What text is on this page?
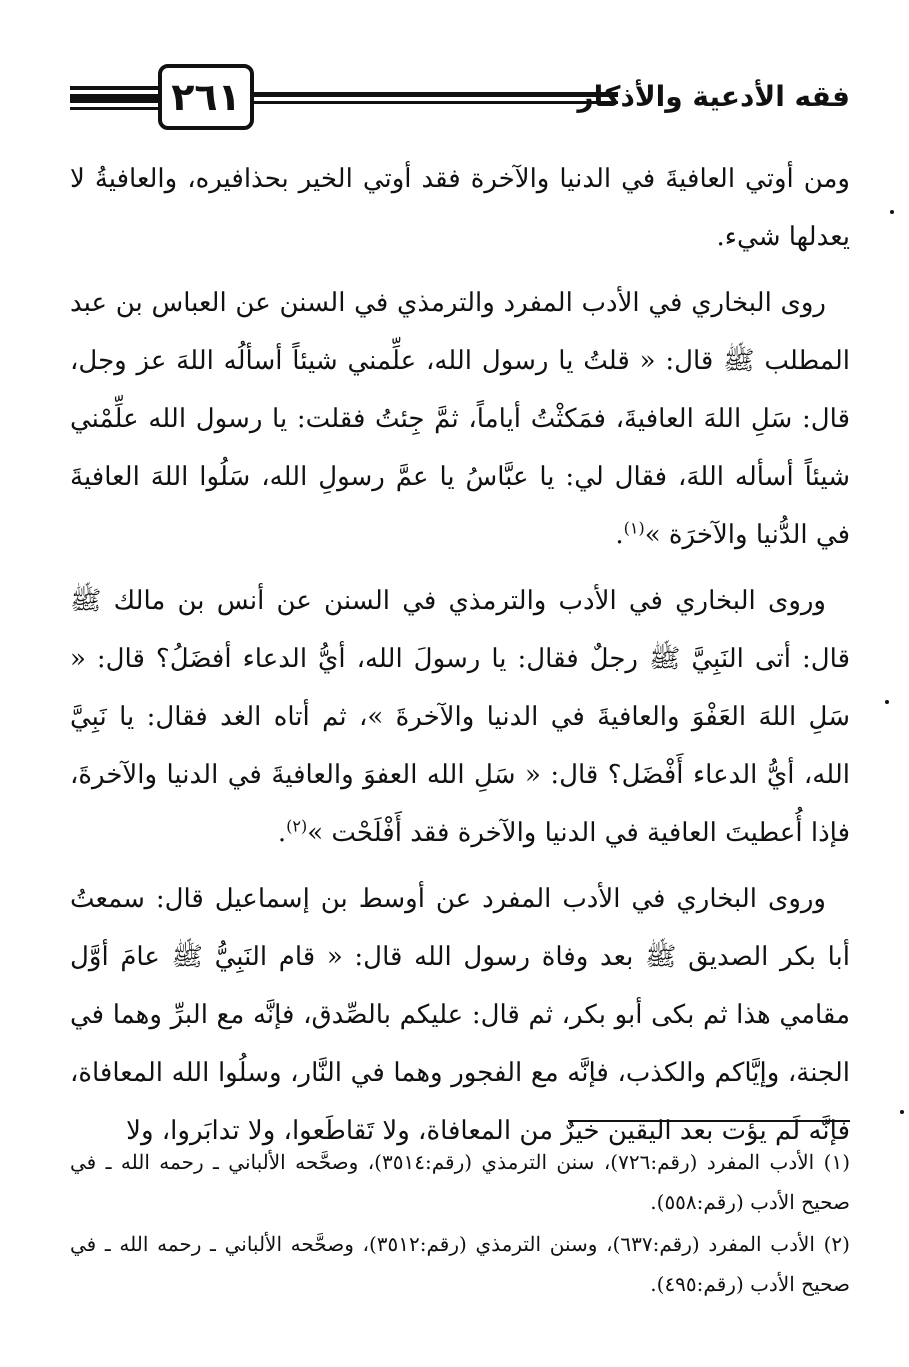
٢٦١	فقه الأدعية والأذكار

ومن أوتي العافيةَ في الدنيا والآخرة فقد أوتي الخير بحذافيره، والعافيةُ لا يعدلها شيء.

روى البخاري في الأدب المفرد والترمذي في السنن عن العباس بن عبد المطلب ﷺ قال: « قلتُ يا رسول الله، علِّمني شيئاً أسألُه اللهَ عز وجل، قال: سَلِ اللهَ العافيةَ، فمَكثْتُ أياماً، ثمَّ جِئتُ فقلت: يا رسول الله علِّمْني شيئاً أسأله اللهَ، فقال لي: يا عبَّاسُ يا عمَّ رسولِ الله، سَلُوا اللهَ العافيةَ في الدُّنيا والآخرَة »$^{(١)}$.

وروى البخاري في الأدب والترمذي في السنن عن أنس بن مالك ﷺ قال: أتى النَبِيَّ ﷺ رجلٌ فقال: يا رسولَ الله، أيُّ الدعاء أفضَلُ؟ قال: « سَلِ اللهَ العَفْوَ والعافيةَ في الدنيا والآخرةَ »، ثم أتاه الغد فقال: يا نَبِيَّ الله، أيُّ الدعاء أَفْضَل؟ قال: « سَلِ الله العفوَ والعافيةَ في الدنيا والآخرةَ، فإذا أُعطيتَ العافية في الدنيا والآخرة فقد أَفْلَحْت »$^{(٢)}$.

وروى البخاري في الأدب المفرد عن أوسط بن إسماعيل قال: سمعتُ أبا بكر الصديق ﷺ بعد وفاة رسول الله قال: « قام النَبِيُّ ﷺ عامَ أوَّل مقامي هذا ثم بكى أبو بكر، ثم قال: عليكم بالصِّدق، فإنَّه مع البرِّ وهما في الجنة، وإيَّاكم والكذب، فإنَّه مع الفجور وهما في النَّار، وسلُوا الله المعافاة، فإنَّه لَم يؤت بعد اليقين خيرٌ من المعافاة، ولا تَقاطَعوا، ولا تدابَروا، ولا

(١) الأدب المفرد (رقم:٧٢٦)، سنن الترمذي (رقم:٣٥١٤)، وصحَّحه الألباني ـ رحمه الله ـ في صحيح الأدب (رقم:٥٥٨).

(٢) الأدب المفرد (رقم:٦٣٧)، وسنن الترمذي (رقم:٣٥١٢)، وصحَّحه الألباني ـ رحمه الله ـ في صحيح الأدب (رقم:٤٩٥).
